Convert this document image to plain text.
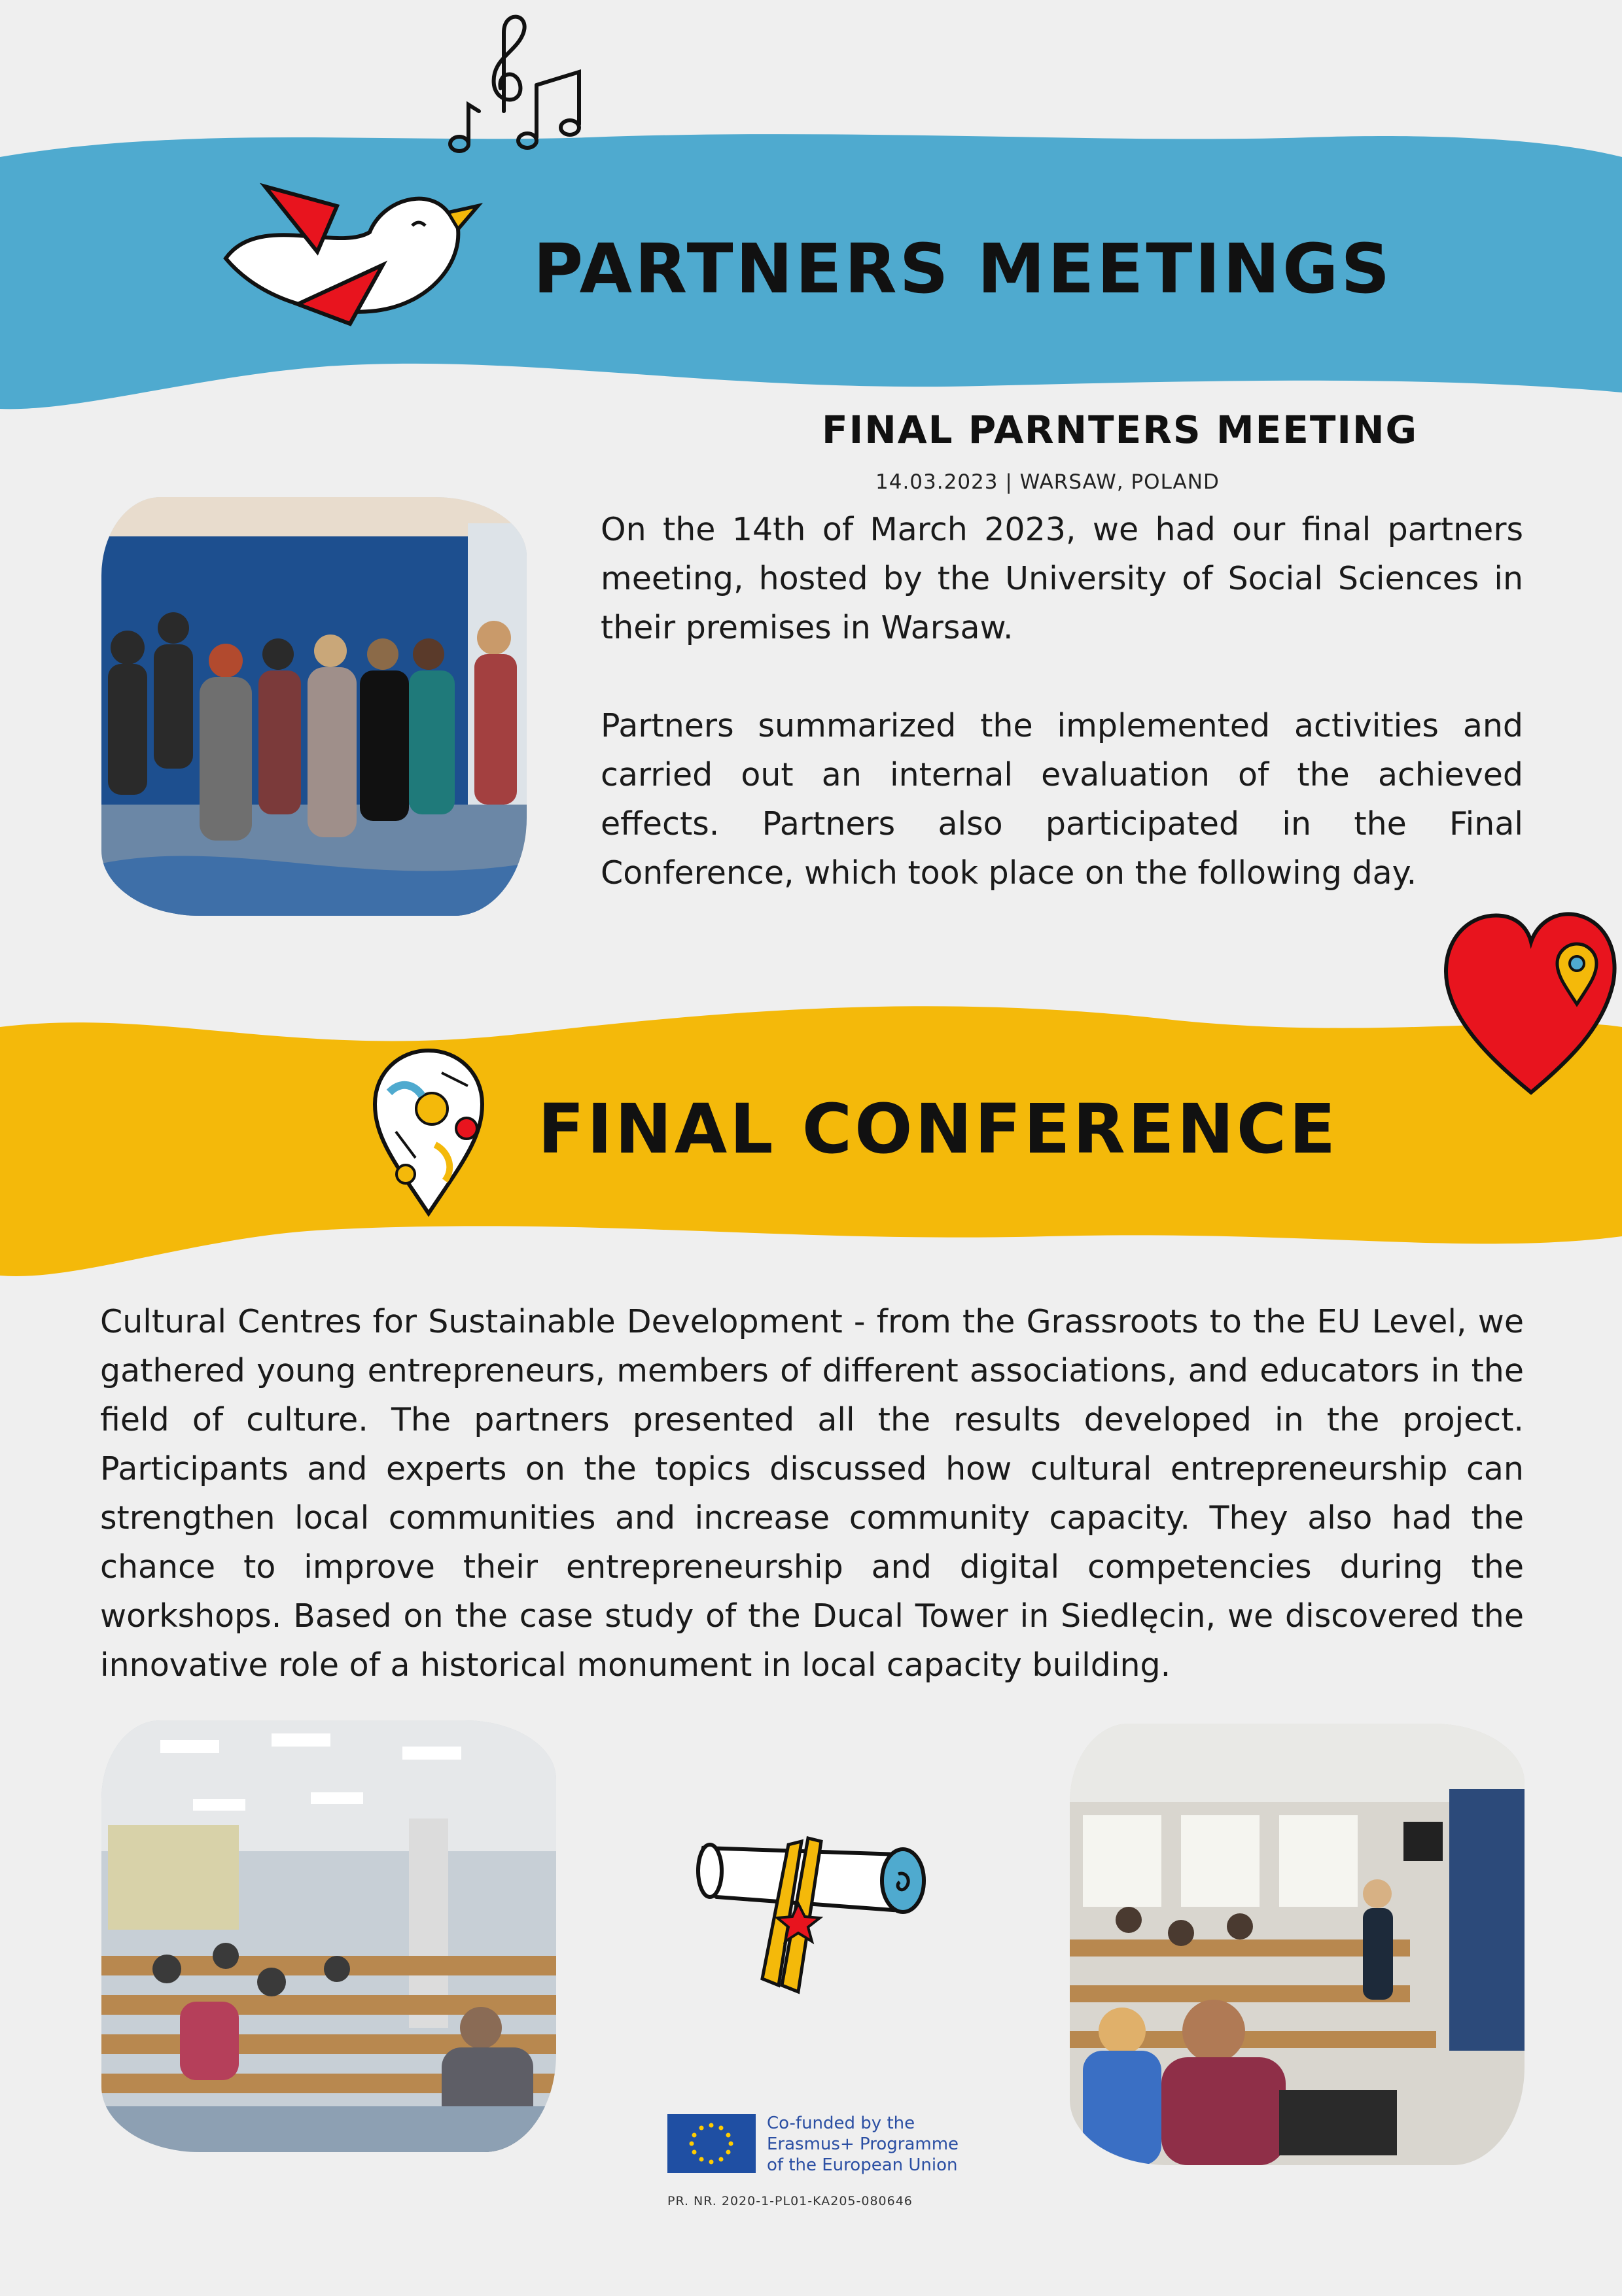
PARTNERS MEETINGS
FINAL PARNTERS MEETING
14.03.2023 | WARSAW, POLAND
On the 14th of March 2023, we had our final partners meeting, hosted by the University of Social Sciences in their premises in Warsaw.
Partners summarized the implemented activities and carried out an internal evaluation of the achieved effects. Partners also participated in the Final Conference, which took place on the following day.
FINAL CONFERENCE
Cultural Centres for Sustainable Development - from the Grassroots to the EU Level, we gathered young entrepreneurs, members of different associations, and educators in the field of culture. The partners presented all the results developed in the project. Participants and experts on the topics discussed how cultural entrepreneurship can strengthen local communities and increase community capacity. They also had the chance to improve their entrepreneurship and digital competencies during the workshops. Based on the case study of the Ducal Tower in Siedlęcin, we discovered the innovative role of a historical monument in local capacity building.
Co-funded by the
Erasmus+ Programme
of the European Union
PR. NR. 2020-1-PL01-KA205-080646
